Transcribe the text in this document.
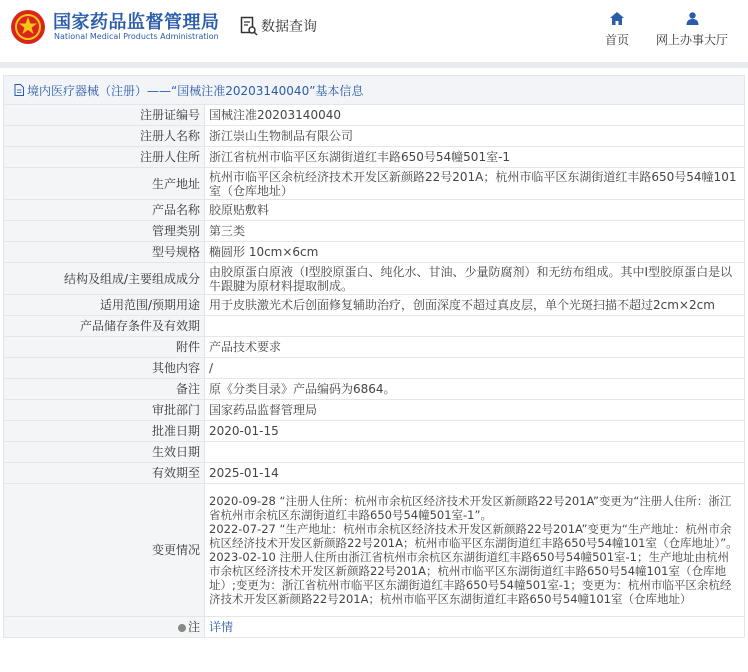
国家药品监督管理局
National Medical Products Administration
数据查询
首页	网上办事大厅
境内医疗器械（注册）——“国械注准20203140040”基本信息
注册证编号	国械注准20203140040
注册人名称	浙江崇山生物制品有限公司
注册人住所	浙江省杭州市临平区东湖街道红丰路650号54幢501室-1
生产地址	杭州市临平区余杭经济技术开发区新颜路22号201A；杭州市临平区东湖街道红丰路650号54幢101室（仓库地址）
产品名称	胶原贴敷料
管理类别	第三类
型号规格	椭圆形 10cm×6cm
结构及组成/主要组成成分	由胶原蛋白原液（Ⅰ型胶原蛋白、纯化水、甘油、少量防腐剂）和无纺布组成。其中Ⅰ型胶原蛋白是以牛跟腱为原材料提取制成。
适用范围/预期用途	用于皮肤激光术后创面修复辅助治疗，创面深度不超过真皮层，单个光斑扫描不超过2cm×2cm
产品储存条件及有效期	
附件	产品技术要求
其他内容	/
备注	原《分类目录》产品编码为6864。
审批部门	国家药品监督管理局
批准日期	2020-01-15
生效日期	
有效期至	2025-01-14
变更情况	2020-09-28 “注册人住所：杭州市余杭区经济技术开发区新颜路22号201A”变更为“注册人住所：浙江省杭州市余杭区东湖街道红丰路650号54幢501室-1”。
2022-07-27 “生产地址：杭州市余杭区经济技术开发区新颜路22号201A”变更为“生产地址：杭州市余杭区经济技术开发区新颜路22号201A；杭州市临平区东湖街道红丰路650号54幢101室（仓库地址）”。
2023-02-10 注册人住所由浙江省杭州市余杭区东湖街道红丰路650号54幢501室-1；生产地址由杭州市余杭区经济技术开发区新颜路22号201A；杭州市临平区东湖街道红丰路650号54幢101室（仓库地址）;变更为：浙江省杭州市临平区东湖街道红丰路650号54幢501室-1；变更为：杭州市临平区余杭经济技术开发区新颜路22号201A；杭州市临平区东湖街道红丰路650号54幢101室（仓库地址）

注	详情
